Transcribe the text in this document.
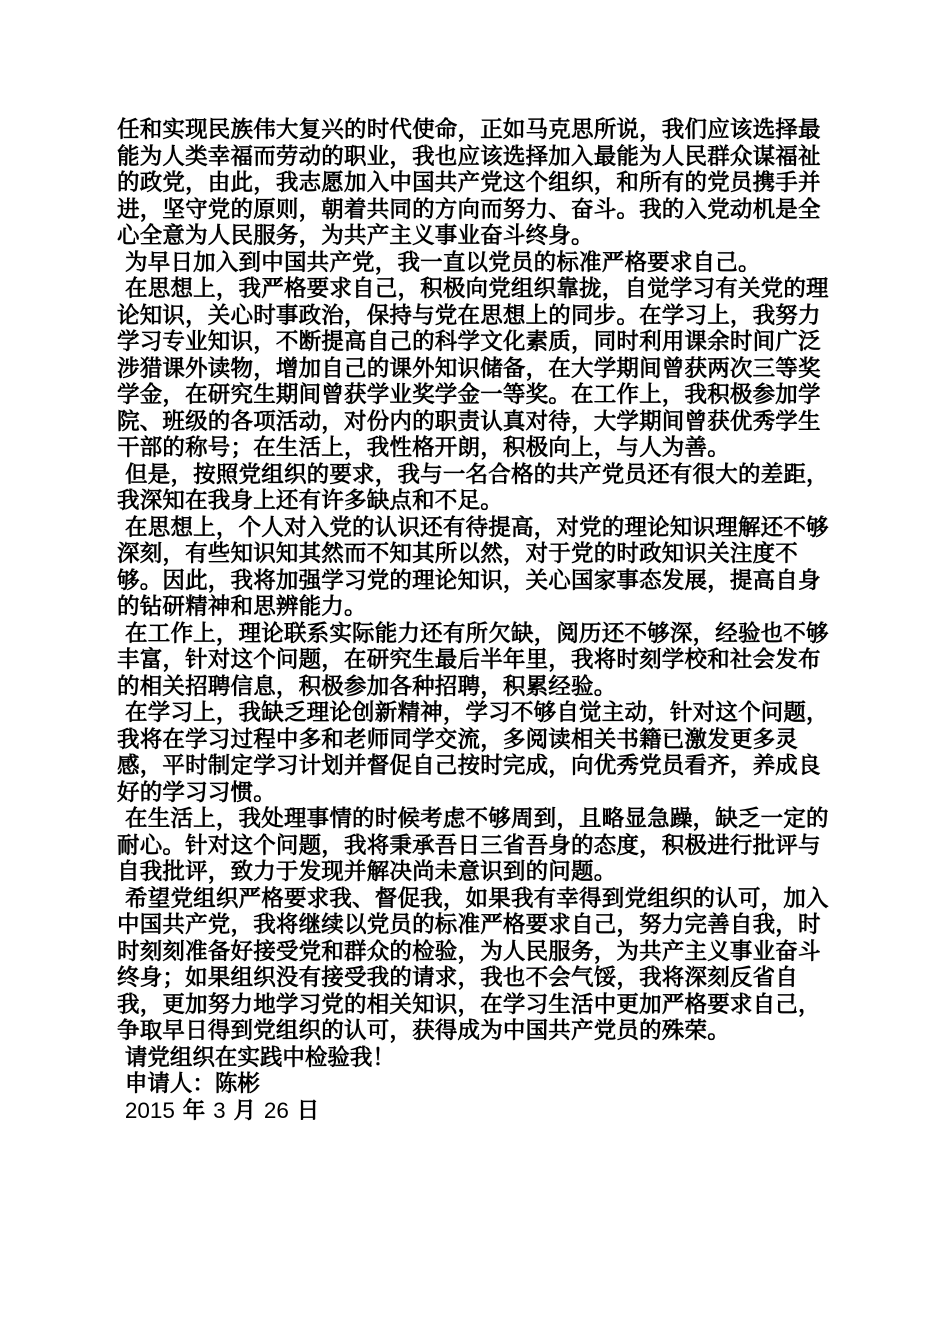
任和实现民族伟大复兴的时代使命，正如马克思所说，我们应该选择最能为人类幸福而劳动的职业，我也应该选择加入最能为人民群众谋福祉的政党，由此，我志愿加入中国共产党这个组织，和所有的党员携手并进，坚守党的原则，朝着共同的方向而努力、奋斗。我的入党动机是全心全意为人民服务，为共产主义事业奋斗终身。

为早日加入到中国共产党，我一直以党员的标准严格要求自己。

在思想上，我严格要求自己，积极向党组织靠拢，自觉学习有关党的理论知识，关心时事政治，保持与党在思想上的同步。在学习上，我努力学习专业知识，不断提高自己的科学文化素质，同时利用课余时间广泛涉猎课外读物，增加自己的课外知识储备，在大学期间曾获两次三等奖学金，在研究生期间曾获学业奖学金一等奖。在工作上，我积极参加学院、班级的各项活动，对份内的职责认真对待，大学期间曾获优秀学生干部的称号；在生活上，我性格开朗，积极向上，与人为善。

但是，按照党组织的要求，我与一名合格的共产党员还有很大的差距，我深知在我身上还有许多缺点和不足。

在思想上，个人对入党的认识还有待提高，对党的理论知识理解还不够深刻，有些知识知其然而不知其所以然，对于党的时政知识关注度不够。因此，我将加强学习党的理论知识，关心国家事态发展，提高自身的钻研精神和思辨能力。

在工作上，理论联系实际能力还有所欠缺，阅历还不够深，经验也不够丰富，针对这个问题，在研究生最后半年里，我将时刻学校和社会发布的相关招聘信息，积极参加各种招聘，积累经验。

在学习上，我缺乏理论创新精神，学习不够自觉主动，针对这个问题，我将在学习过程中多和老师同学交流，多阅读相关书籍已激发更多灵感，平时制定学习计划并督促自己按时完成，向优秀党员看齐，养成良好的学习习惯。

在生活上，我处理事情的时候考虑不够周到，且略显急躁，缺乏一定的耐心。针对这个问题，我将秉承吾日三省吾身的态度，积极进行批评与自我批评，致力于发现并解决尚未意识到的问题。

希望党组织严格要求我、督促我，如果我有幸得到党组织的认可，加入中国共产党，我将继续以党员的标准严格要求自己，努力完善自我，时时刻刻准备好接受党和群众的检验，为人民服务，为共产主义事业奋斗终身；如果组织没有接受我的请求，我也不会气馁，我将深刻反省自我，更加努力地学习党的相关知识，在学习生活中更加严格要求自己，争取早日得到党组织的认可，获得成为中国共产党员的殊荣。

请党组织在实践中检验我！

申请人：陈彬

2015 年 3 月 26 日
